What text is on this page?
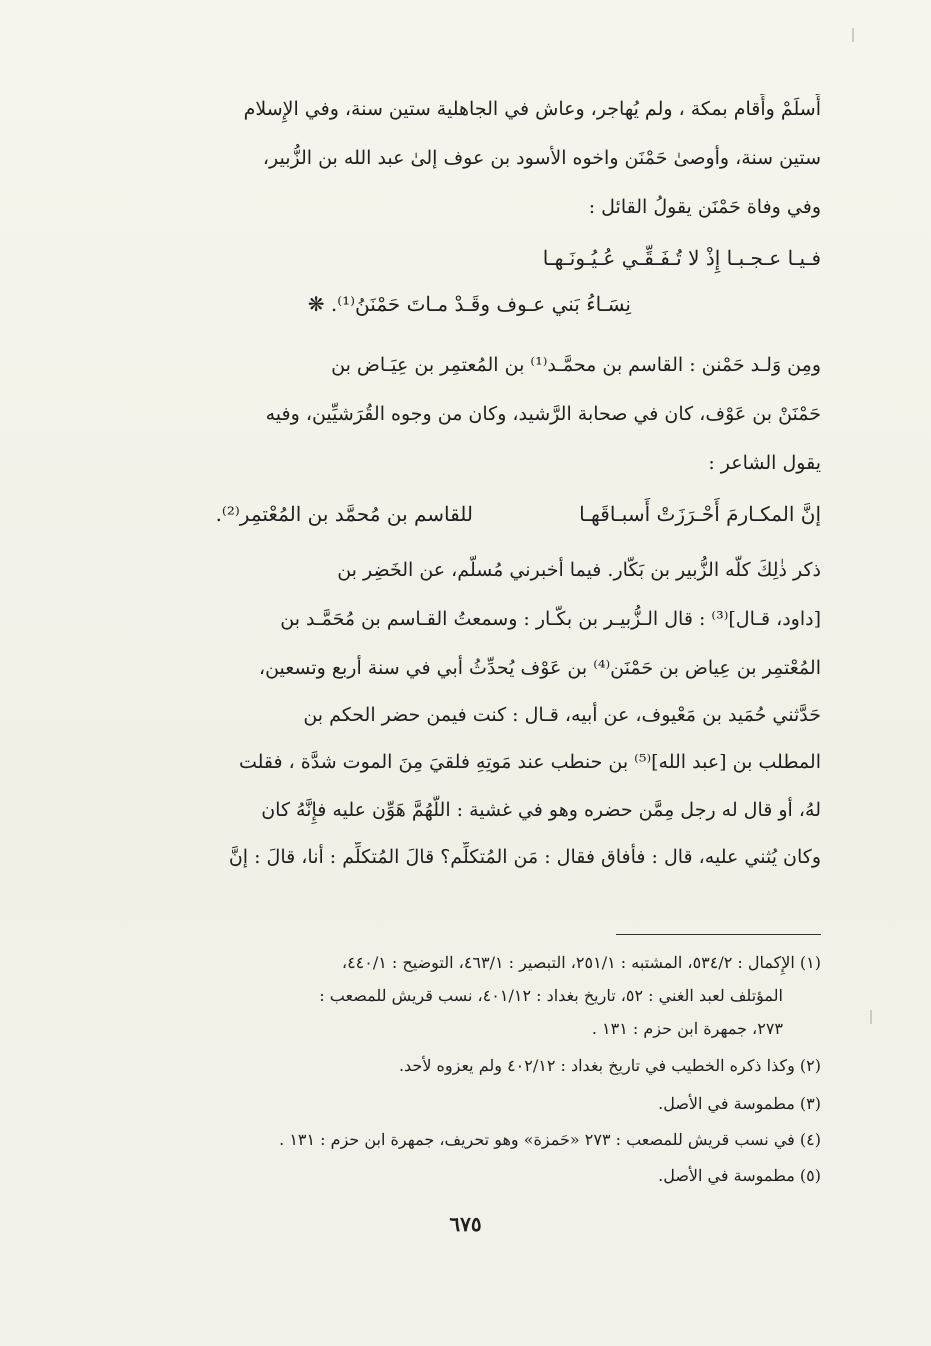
أَسلَمْ وأَقام بمكة ، ولم يُهاجر، وعاش في الجاهلية ستين سنة، وفي الإِسلام
ستين سنة، وأوصىٰ حَمْنَن واخوه الأسود بن عوف إلىٰ عبد الله بن الزُّبير،
وفي وفاة حَمْنَن يقولُ القائل :
فـيـا عـجـبـا إِذْ لا تُـفَـقِّـي عُـيُـونَـهـا
نِسَـاءُ بَني عـوف وقَـدْ مـاتَ حَمْنَنُ⁽¹⁾. ❋
ومِن وَلـد حَمْنن : القاسم بن محمَّـد⁽¹⁾ بن المُعتمِر بن عِيَـاض بن
حَمْنَنْ بن عَوْف، كان في صحابة الرَّشيد، وكان من وجوه القُرَشيِّين، وفيه
يقول الشاعر :
إنَّ المكـارمَ أَحْـرَزَتْ أَسبـاقَهـا
للقاسم بن مُحمَّد بن المُعْتمِر⁽²⁾.
ذكر ذٰلِكَ كلّه الزُّبير بن بَكّار. فيما أخبرني مُسلّم، عن الخَضِر بن
[داود، قـال]⁽³⁾ : قال الـزُّبيـر بن بكّـار : وسمعتُ القـاسم بن مُحَمَّـد بن
المُعْتمِر بن عِياض بن حَمْنَن⁽⁴⁾ بن عَوْف يُحدِّثُ أبي في سنة أربع وتسعين،
حَدَّثني حُمَيد بن مَعْيوف، عن أبيه، قـال : كنت فيمن حضر الحكم بن
المطلب بن [عبد الله]⁽⁵⁾ بن حنطب عند مَوتِهِ فلقيَ مِنَ الموت شدَّة ، فقلت
لهُ، أو قال له رجل مِمَّن حضره وهو في غشية : اللَّهُمَّ هَوِّن عليه فإِنَّهُ كان
وكان يُثني عليه، قال : فأفاق فقال : مَن المُتكلِّم؟ قالَ المُتكلِّم : أنا، قالَ : إنَّ
(١) الإِكمال : ٥٣٤/٢، المشتبه : ٢٥١/١، التبصير : ٤٦٣/١، التوضيح : ٤٤٠/١،
المؤتلف لعبد الغني : ٥٢، تاريخ بغداد : ٤٠١/١٢، نسب قريش للمصعب :
٢٧٣، جمهرة ابن حزم : ١٣١ .
(٢) وكذا ذكره الخطيب في تاريخ بغداد : ٤٠٢/١٢ ولم يعزوه لأحد.
(٣) مطموسة في الأصل.
(٤) في نسب قريش للمصعب : ٢٧٣ «حَمزة» وهو تحريف، جمهرة ابن حزم : ١٣١ .
(٥) مطموسة في الأصل.
٦٧٥
